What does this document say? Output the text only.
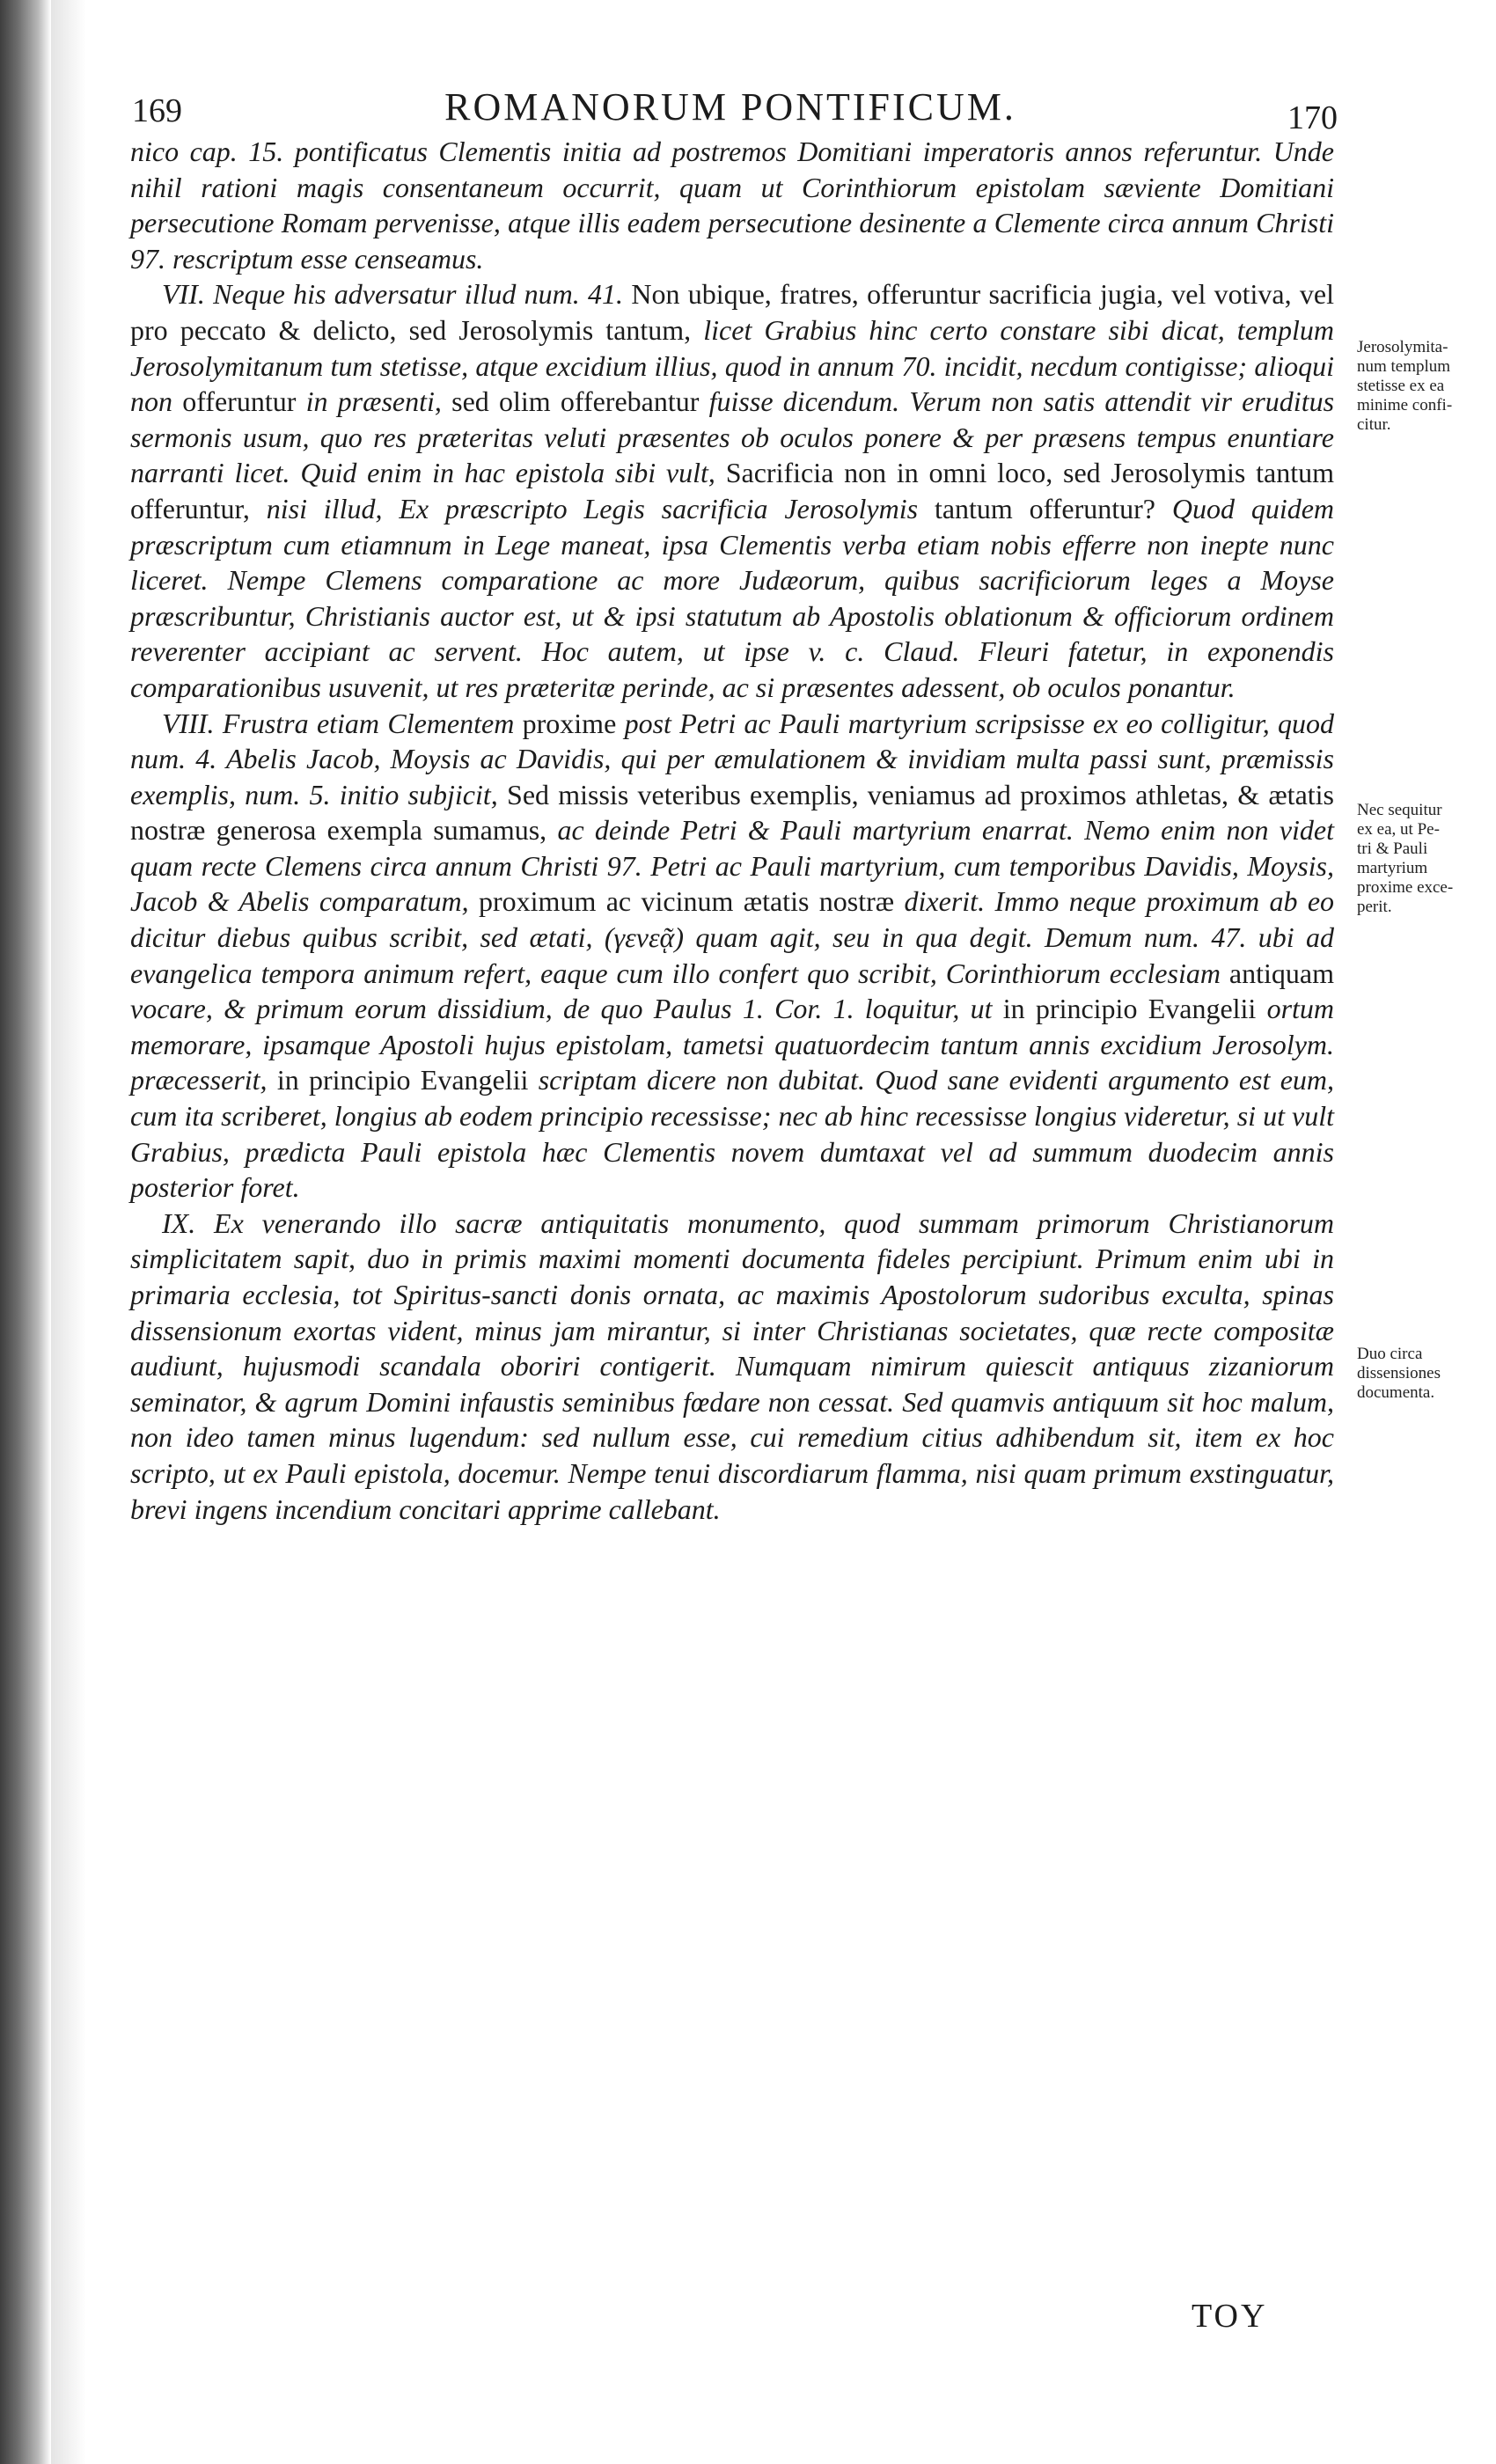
169	ROMANORUM PONTIFICUM.	170

nico cap. 15. pontificatus Clementis initia ad postremos Domitiani imperatoris annos referuntur. Unde nihil rationi magis consentaneum occurrit, quam ut Corinthiorum epistolam sæviente Domitiani persecutione Romam pervenisse, atque illis eadem persecutione desinente a Clemente circa annum Christi 97. rescriptum esse censeamus.

VII. Neque his adversatur illud num. 41. Non ubique, fratres, offeruntur sacrificia jugia, vel votiva, vel pro peccato & delicto, sed Jerosolymis tantum, licet Grabius hinc certo constare sibi dicat, templum Jerosolymitanum tum stetisse, atque excidium illius, quod in annum 70. incidit, necdum contigisse; alioqui non offeruntur in præsenti, sed olim offerebantur fuisse dicendum. Verum non satis attendit vir eruditus sermonis usum, quo res præteritas veluti præsentes ob oculos ponere & per præsens tempus enuntiare narranti licet. Quid enim in hac epistola sibi vult, Sacrificia non in omni loco, sed Jerosolymis tantum offeruntur, nisi illud, Ex præscripto Legis sacrificia Jerosolymis tantum offeruntur? Quod quidem præscriptum cum etiamnum in Lege maneat, ipsa Clementis verba etiam nobis efferre non inepte nunc liceret. Nempe Clemens comparatione ac more Judæorum, quibus sacrificiorum leges a Moyse præscribuntur, Christianis auctor est, ut & ipsi statutum ab Apostolis oblationum & officiorum ordinem reverenter accipiant ac servent. Hoc autem, ut ipse v. c. Claud. Fleuri fatetur, in exponendis comparationibus usuvenit, ut res præteritæ perinde, ac si præsentes adessent, ob oculos ponantur.

VIII. Frustra etiam Clementem proxime post Petri ac Pauli martyrium scripsisse ex eo colligitur, quod num. 4. Abelis Jacob, Moysis ac Davidis, qui per æmulationem & invidiam multa passi sunt, præmissis exemplis, num. 5. initio subjicit, Sed missis veteribus exemplis, veniamus ad proximos athletas, & ætatis nostræ generosa exempla sumamus, ac deinde Petri & Pauli martyrium enarrat. Nemo enim non videt quam recte Clemens circa annum Christi 97. Petri ac Pauli martyrium, cum temporibus Davidis, Moysis, Jacob & Abelis comparatum, proximum ac vicinum ætatis nostræ dixerit. Immo neque proximum ab eo dicitur diebus quibus scribit, sed ætati, (γενεᾷ) quam agit, seu in qua degit. Demum num. 47. ubi ad evangelica tempora animum refert, eaque cum illo confert quo scribit, Corinthiorum ecclesiam antiquam vocare, & primum eorum dissidium, de quo Paulus 1. Cor. 1. loquitur, ut in principio Evangelii ortum memorare, ipsamque Apostoli hujus epistolam, tametsi quatuordecim tantum annis excidium Jerosolym. præcesserit, in principio Evangelii scriptam dicere non dubitat. Quod sane evidenti argumento est eum, cum ita scriberet, longius ab eodem principio recessisse; nec ab hinc recessisse longius videretur, si ut vult Grabius, prædicta Pauli epistola hæc Clementis novem dumtaxat vel ad summum duodecim annis posterior foret.

IX. Ex venerando illo sacræ antiquitatis monumento, quod summam primorum Christianorum simplicitatem sapit, duo in primis maximi momenti documenta fideles percipiunt. Primum enim ubi in primaria ecclesia, tot Spiritus-sancti donis ornata, ac maximis Apostolorum sudoribus exculta, spinas dissensionum exortas vident, minus jam mirantur, si inter Christianas societates, quæ recte compositæ audiunt, hujusmodi scandala oboriri contigerit. Numquam nimirum quiescit antiquus zizaniorum seminator, & agrum Domini infaustis seminibus fœdare non cessat. Sed quamvis antiquum sit hoc malum, non ideo tamen minus lugendum: sed nullum esse, cui remedium citius adhibendum sit, item ex hoc scripto, ut ex Pauli epistola, docemur. Nempe tenui discordiarum flamma, nisi quam primum exstinguatur, brevi ingens incendium concitari apprime callebant.

Jerosolymita-
num templum
stetisse ex ea
minime confi-
citur.
Nec sequitur
ex ea, ut Pe-
tri & Pauli
martyrium
proxime exce-
perit.
Duo circa
dissensiones
documenta.
TOY
